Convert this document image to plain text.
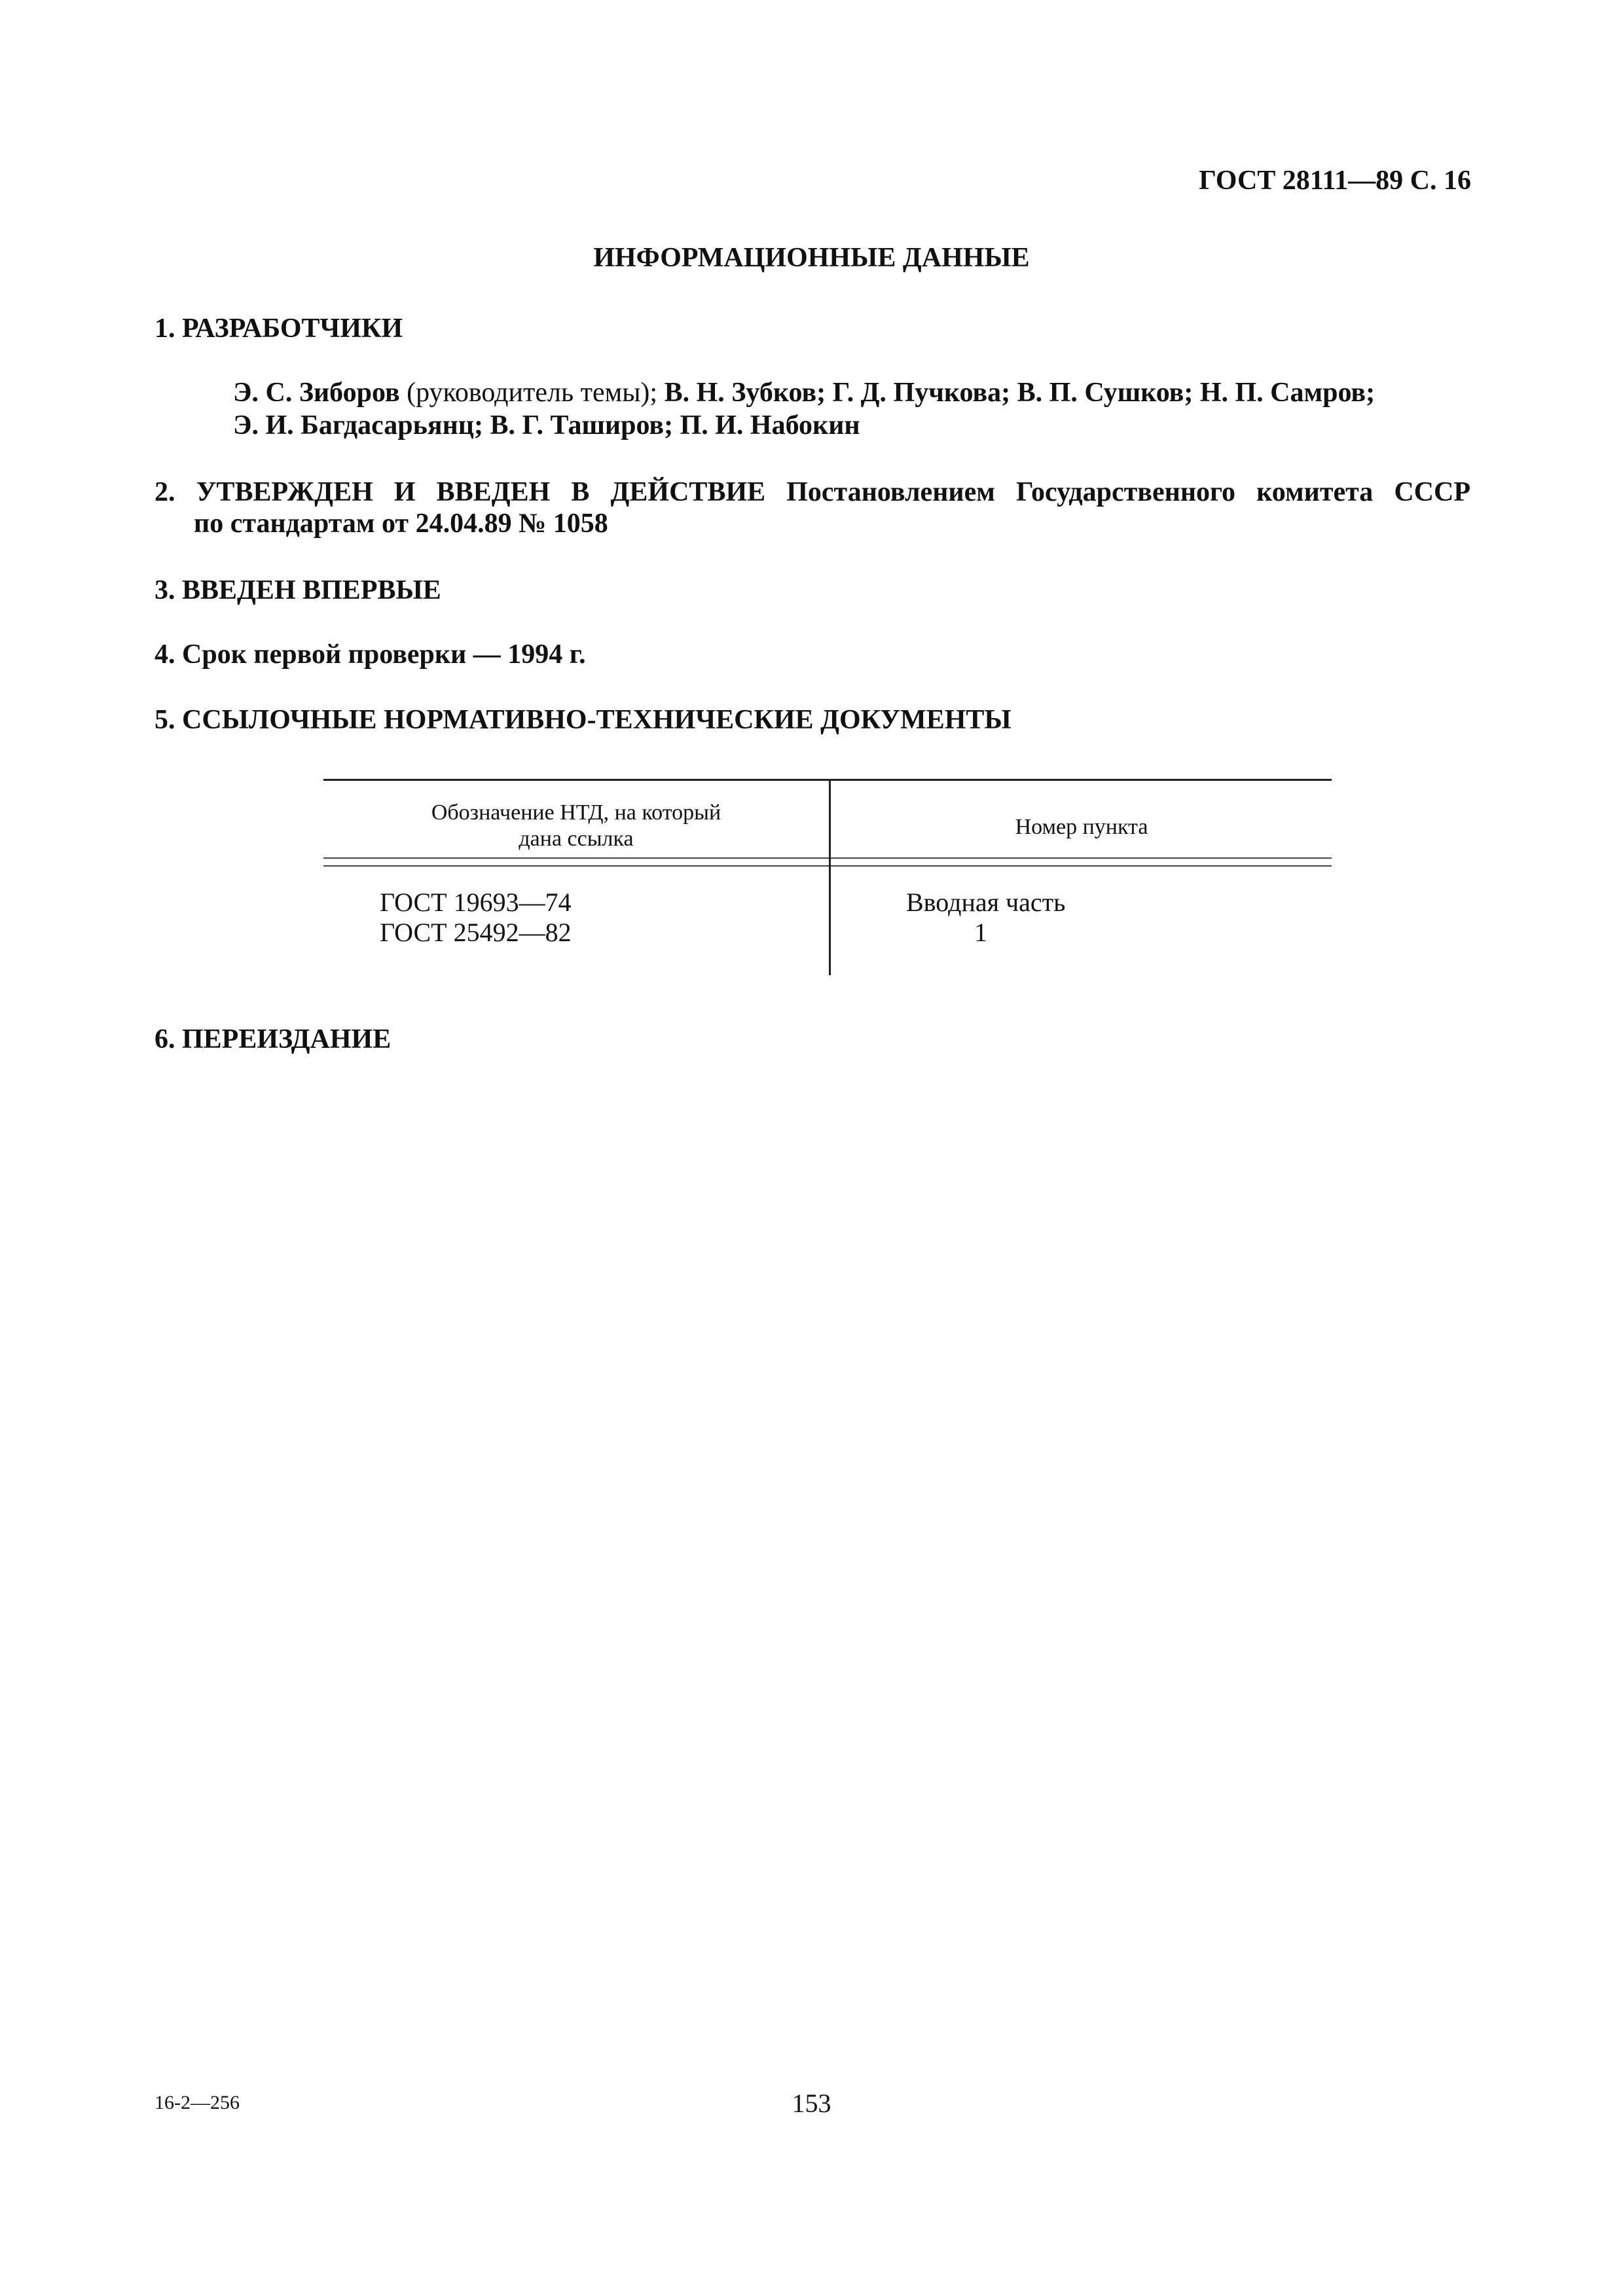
ГОСТ 28111—89 С. 16
ИНФОРМАЦИОННЫЕ ДАННЫЕ
1. РАЗРАБОТЧИКИ
Э. С. Зиборов (руководитель темы); В. Н. Зубков; Г. Д. Пучкова; В. П. Сушков; Н. П. Самров;
Э. И. Багдасарьянц; В. Г. Таширов; П. И. Набокин
2. УТВЕРЖДЕН И ВВЕДЕН В ДЕЙСТВИЕ Постановлением Государственного комитета СССР
по стандартам от 24.04.89 № 1058
3. ВВЕДЕН ВПЕРВЫЕ
4. Срок первой проверки — 1994 г.
5. ССЫЛОЧНЫЕ НОРМАТИВНО-ТЕХНИЧЕСКИЕ ДОКУМЕНТЫ
Обозначение НТД, на который
дана ссылка	Номер пункта
ГОСТ 19693—74	Вводная часть
ГОСТ 25492—82	1
6. ПЕРЕИЗДАНИЕ
16-2—256	153
